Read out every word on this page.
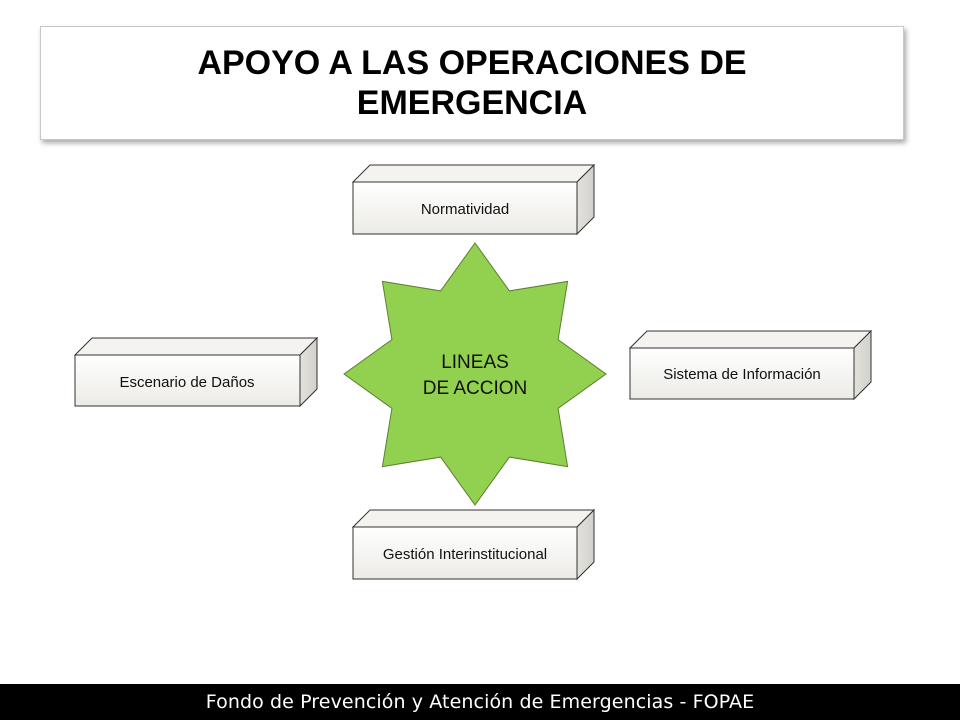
APOYO A LAS OPERACIONES DE
EMERGENCIA
Normatividad
Escenario de Daños	Sistema de Información
Gestión Interinstitucional
LINEAS
DE ACCION
Fondo de Prevención y Atención de Emergencias - FOPAE
